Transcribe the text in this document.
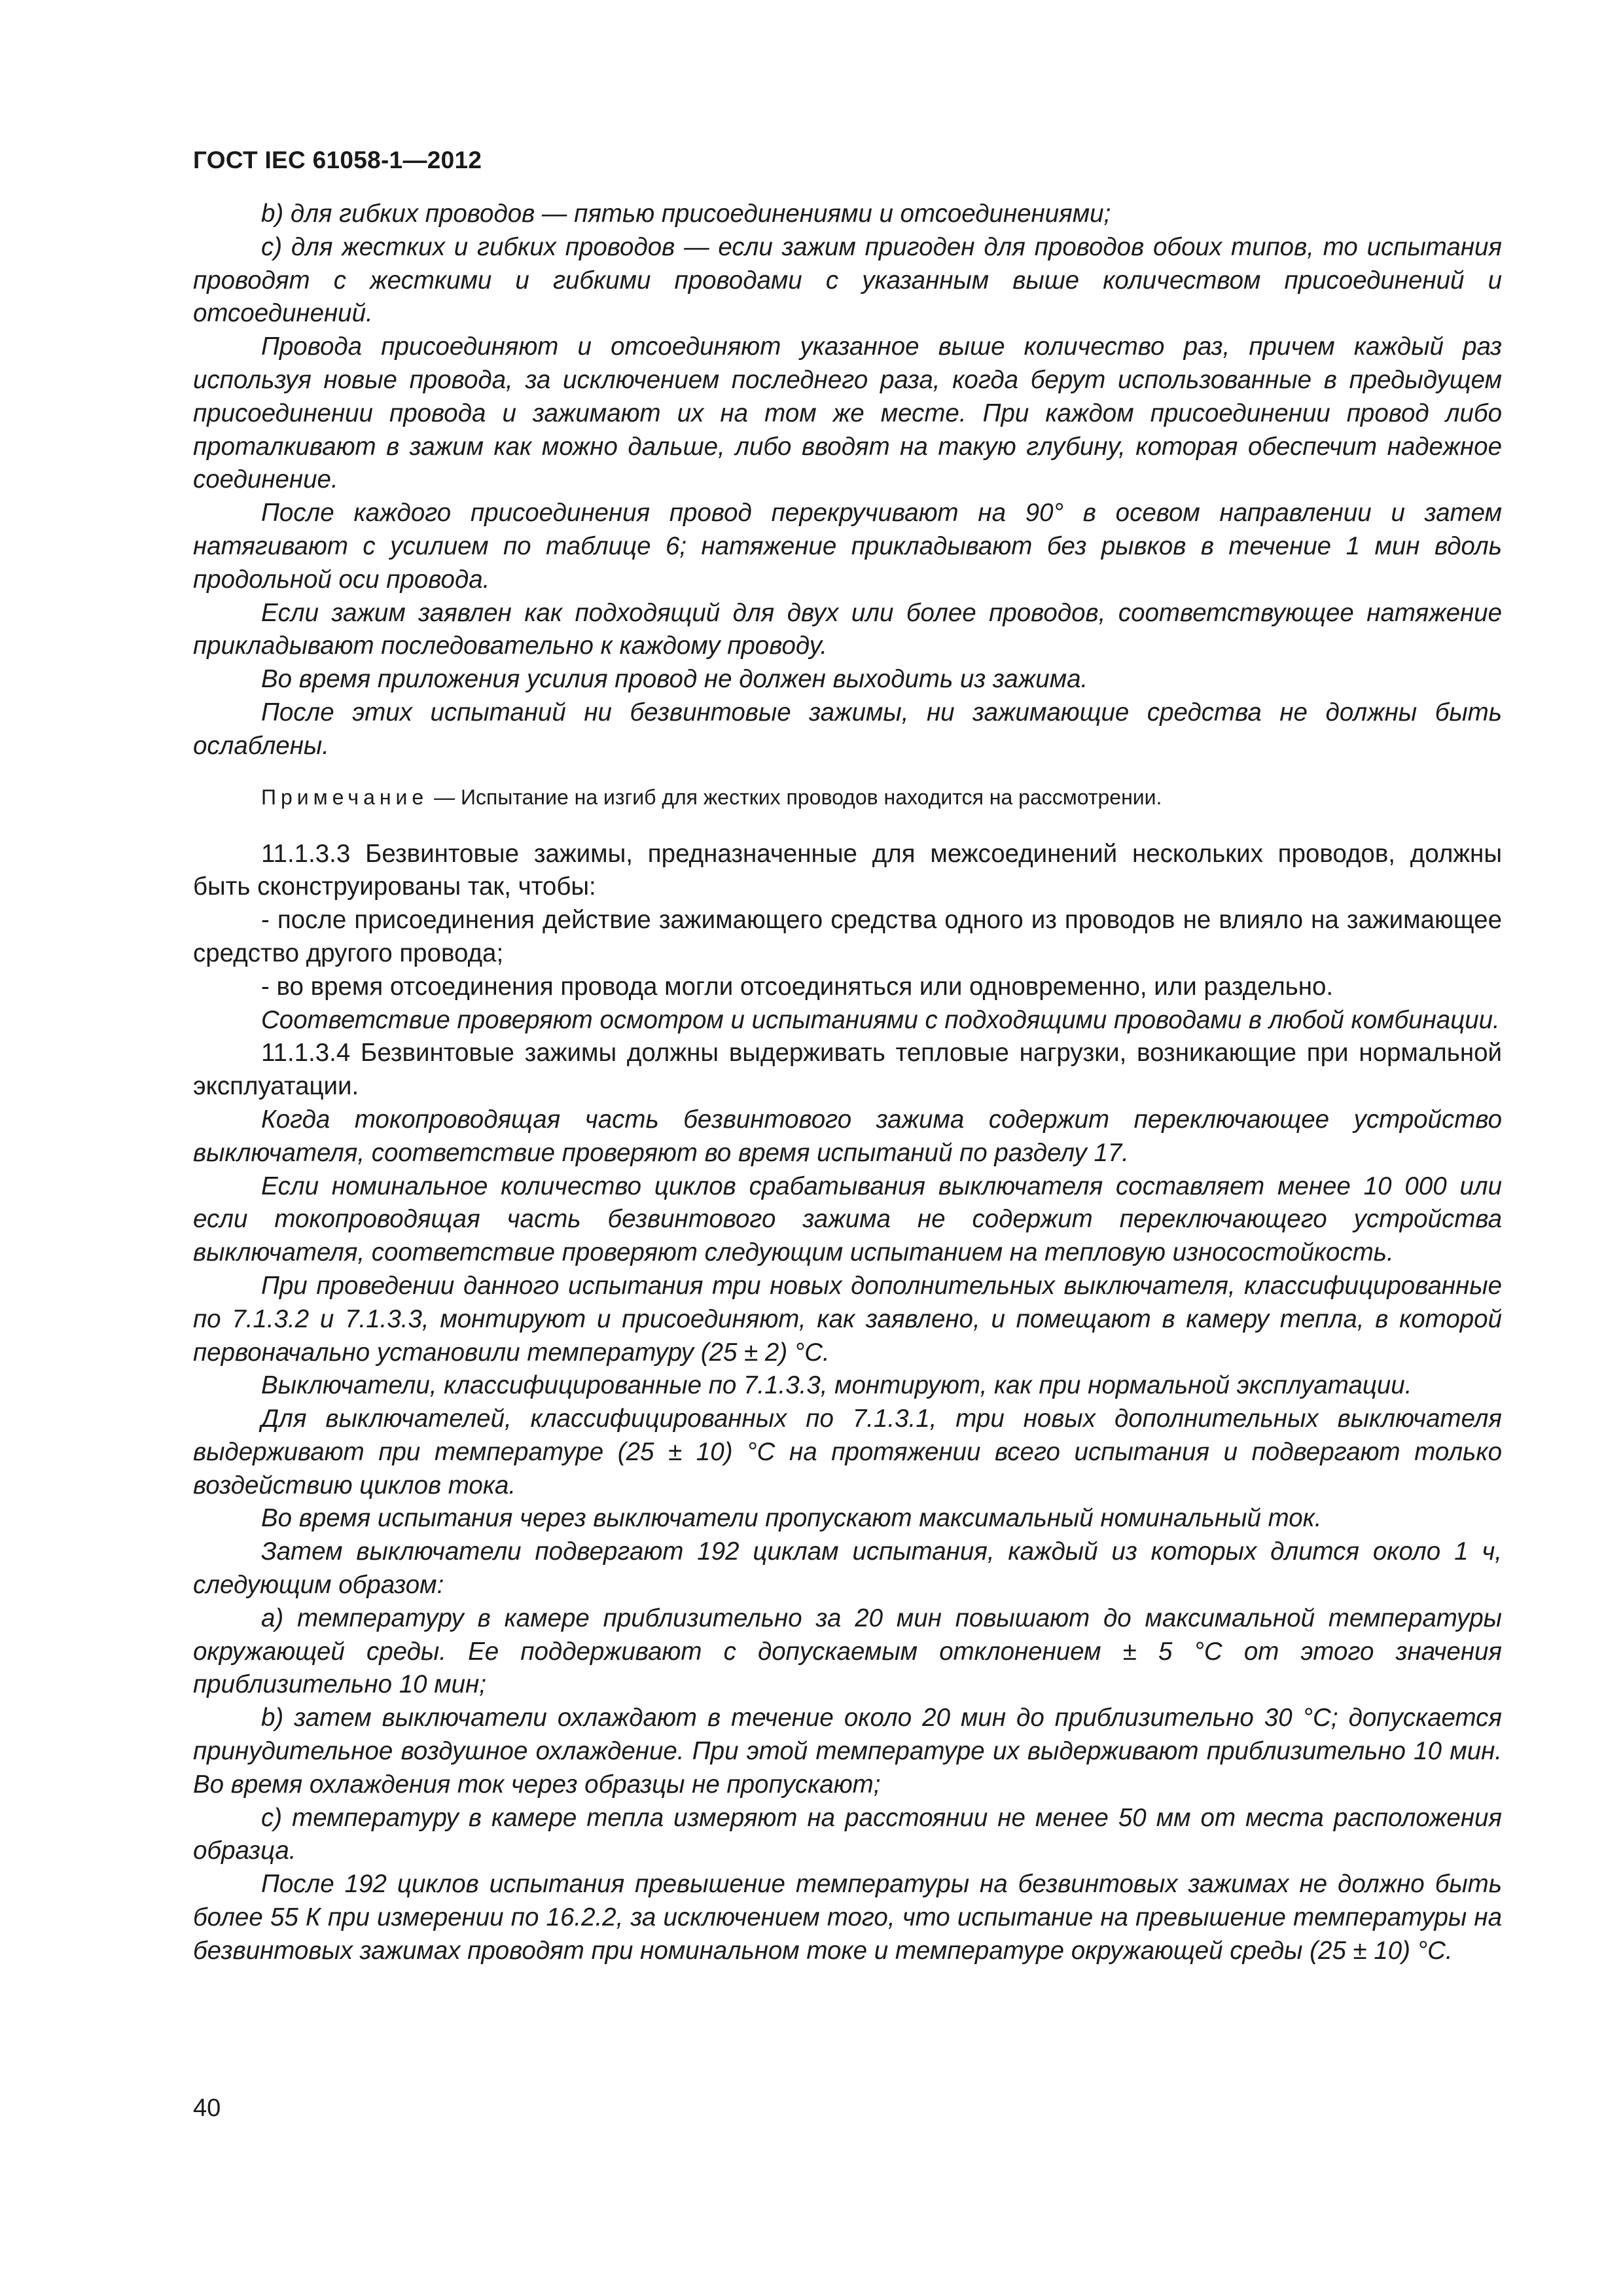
ГОСТ IEC 61058-1—2012

b) для гибких проводов — пятью присоединениями и отсоединениями;

c) для жестких и гибких проводов — если зажим пригоден для проводов обоих типов, то испытания проводят с жесткими и гибкими проводами с указанным выше количеством присоединений и отсоединений.

Провода присоединяют и отсоединяют указанное выше количество раз, причем каждый раз используя новые провода, за исключением последнего раза, когда берут использованные в предыдущем присоединении провода и зажимают их на том же месте. При каждом присоединении провод либо проталкивают в зажим как можно дальше, либо вводят на такую глубину, которая обеспечит надежное соединение.

После каждого присоединения провод перекручивают на 90° в осевом направлении и затем натягивают с усилием по таблице 6; натяжение прикладывают без рывков в течение 1 мин вдоль продольной оси провода.

Если зажим заявлен как подходящий для двух или более проводов, соответствующее натяжение прикладывают последовательно к каждому проводу.

Во время приложения усилия провод не должен выходить из зажима.

После этих испытаний ни безвинтовые зажимы, ни зажимающие средства не должны быть ослаблены.

Примечание — Испытание на изгиб для жестких проводов находится на рассмотрении.

11.1.3.3 Безвинтовые зажимы, предназначенные для межсоединений нескольких проводов, должны быть сконструированы так, чтобы:

- после присоединения действие зажимающего средства одного из проводов не влияло на зажимающее средство другого провода;

- во время отсоединения провода могли отсоединяться или одновременно, или раздельно.

Соответствие проверяют осмотром и испытаниями с подходящими проводами в любой комбинации.

11.1.3.4 Безвинтовые зажимы должны выдерживать тепловые нагрузки, возникающие при нормальной эксплуатации.

Когда токопроводящая часть безвинтового зажима содержит переключающее устройство выключателя, соответствие проверяют во время испытаний по разделу 17.

Если номинальное количество циклов срабатывания выключателя составляет менее 10 000 или если токопроводящая часть безвинтового зажима не содержит переключающего устройства выключателя, соответствие проверяют следующим испытанием на тепловую износостойкость.

При проведении данного испытания три новых дополнительных выключателя, классифицированные по 7.1.3.2 и 7.1.3.3, монтируют и присоединяют, как заявлено, и помещают в камеру тепла, в которой первоначально установили температуру (25 ± 2) °С.

Выключатели, классифицированные по 7.1.3.3, монтируют, как при нормальной эксплуатации.

Для выключателей, классифицированных по 7.1.3.1, три новых дополнительных выключателя выдерживают при температуре (25 ± 10) °С на протяжении всего испытания и подвергают только воздействию циклов тока.

Во время испытания через выключатели пропускают максимальный номинальный ток.

Затем выключатели подвергают 192 циклам испытания, каждый из которых длится около 1 ч, следующим образом:

a) температуру в камере приблизительно за 20 мин повышают до максимальной температуры окружающей среды. Ее поддерживают с допускаемым отклонением ± 5 °С от этого значения приблизительно 10 мин;

b) затем выключатели охлаждают в течение около 20 мин до приблизительно 30 °С; допускается принудительное воздушное охлаждение. При этой температуре их выдерживают приблизительно 10 мин. Во время охлаждения ток через образцы не пропускают;

c) температуру в камере тепла измеряют на расстоянии не менее 50 мм от места расположения образца.

После 192 циклов испытания превышение температуры на безвинтовых зажимах не должно быть более 55 К при измерении по 16.2.2, за исключением того, что испытание на превышение температуры на безвинтовых зажимах проводят при номинальном токе и температуре окружающей среды (25 ± 10) °С.

40
